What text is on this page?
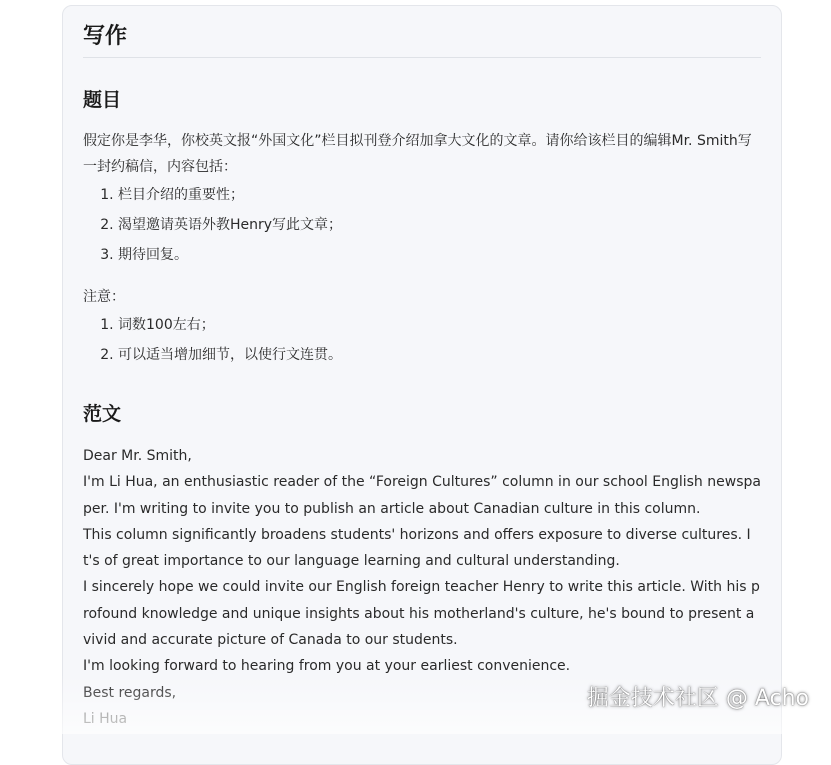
写作
题目

假定你是李华，你校英文报“外国文化”栏目拟刊登介绍加拿大文化的文章。请你给该栏目的编辑Mr. Smith写一封约稿信，内容包括：

1. 栏目介绍的重要性；
2. 渴望邀请英语外教Henry写此文章；
3. 期待回复。

注意：

1. 词数100左右；
2. 可以适当增加细节，以使行文连贯。
范文
Dear Mr. Smith,
I'm Li Hua, an enthusiastic reader of the “Foreign Cultures” column in our school English newspaper. I'm writing to invite you to publish an article about Canadian culture in this column.
This column significantly broadens students' horizons and offers exposure to diverse cultures. It's of great importance to our language learning and cultural understanding.
I sincerely hope we could invite our English foreign teacher Henry to write this article. With his profound knowledge and unique insights about his motherland's culture, he's bound to present a vivid and accurate picture of Canada to our students.
I'm looking forward to hearing from you at your earliest convenience.
Best regards,
Li Hua	掘金技术社区 @ Acho
